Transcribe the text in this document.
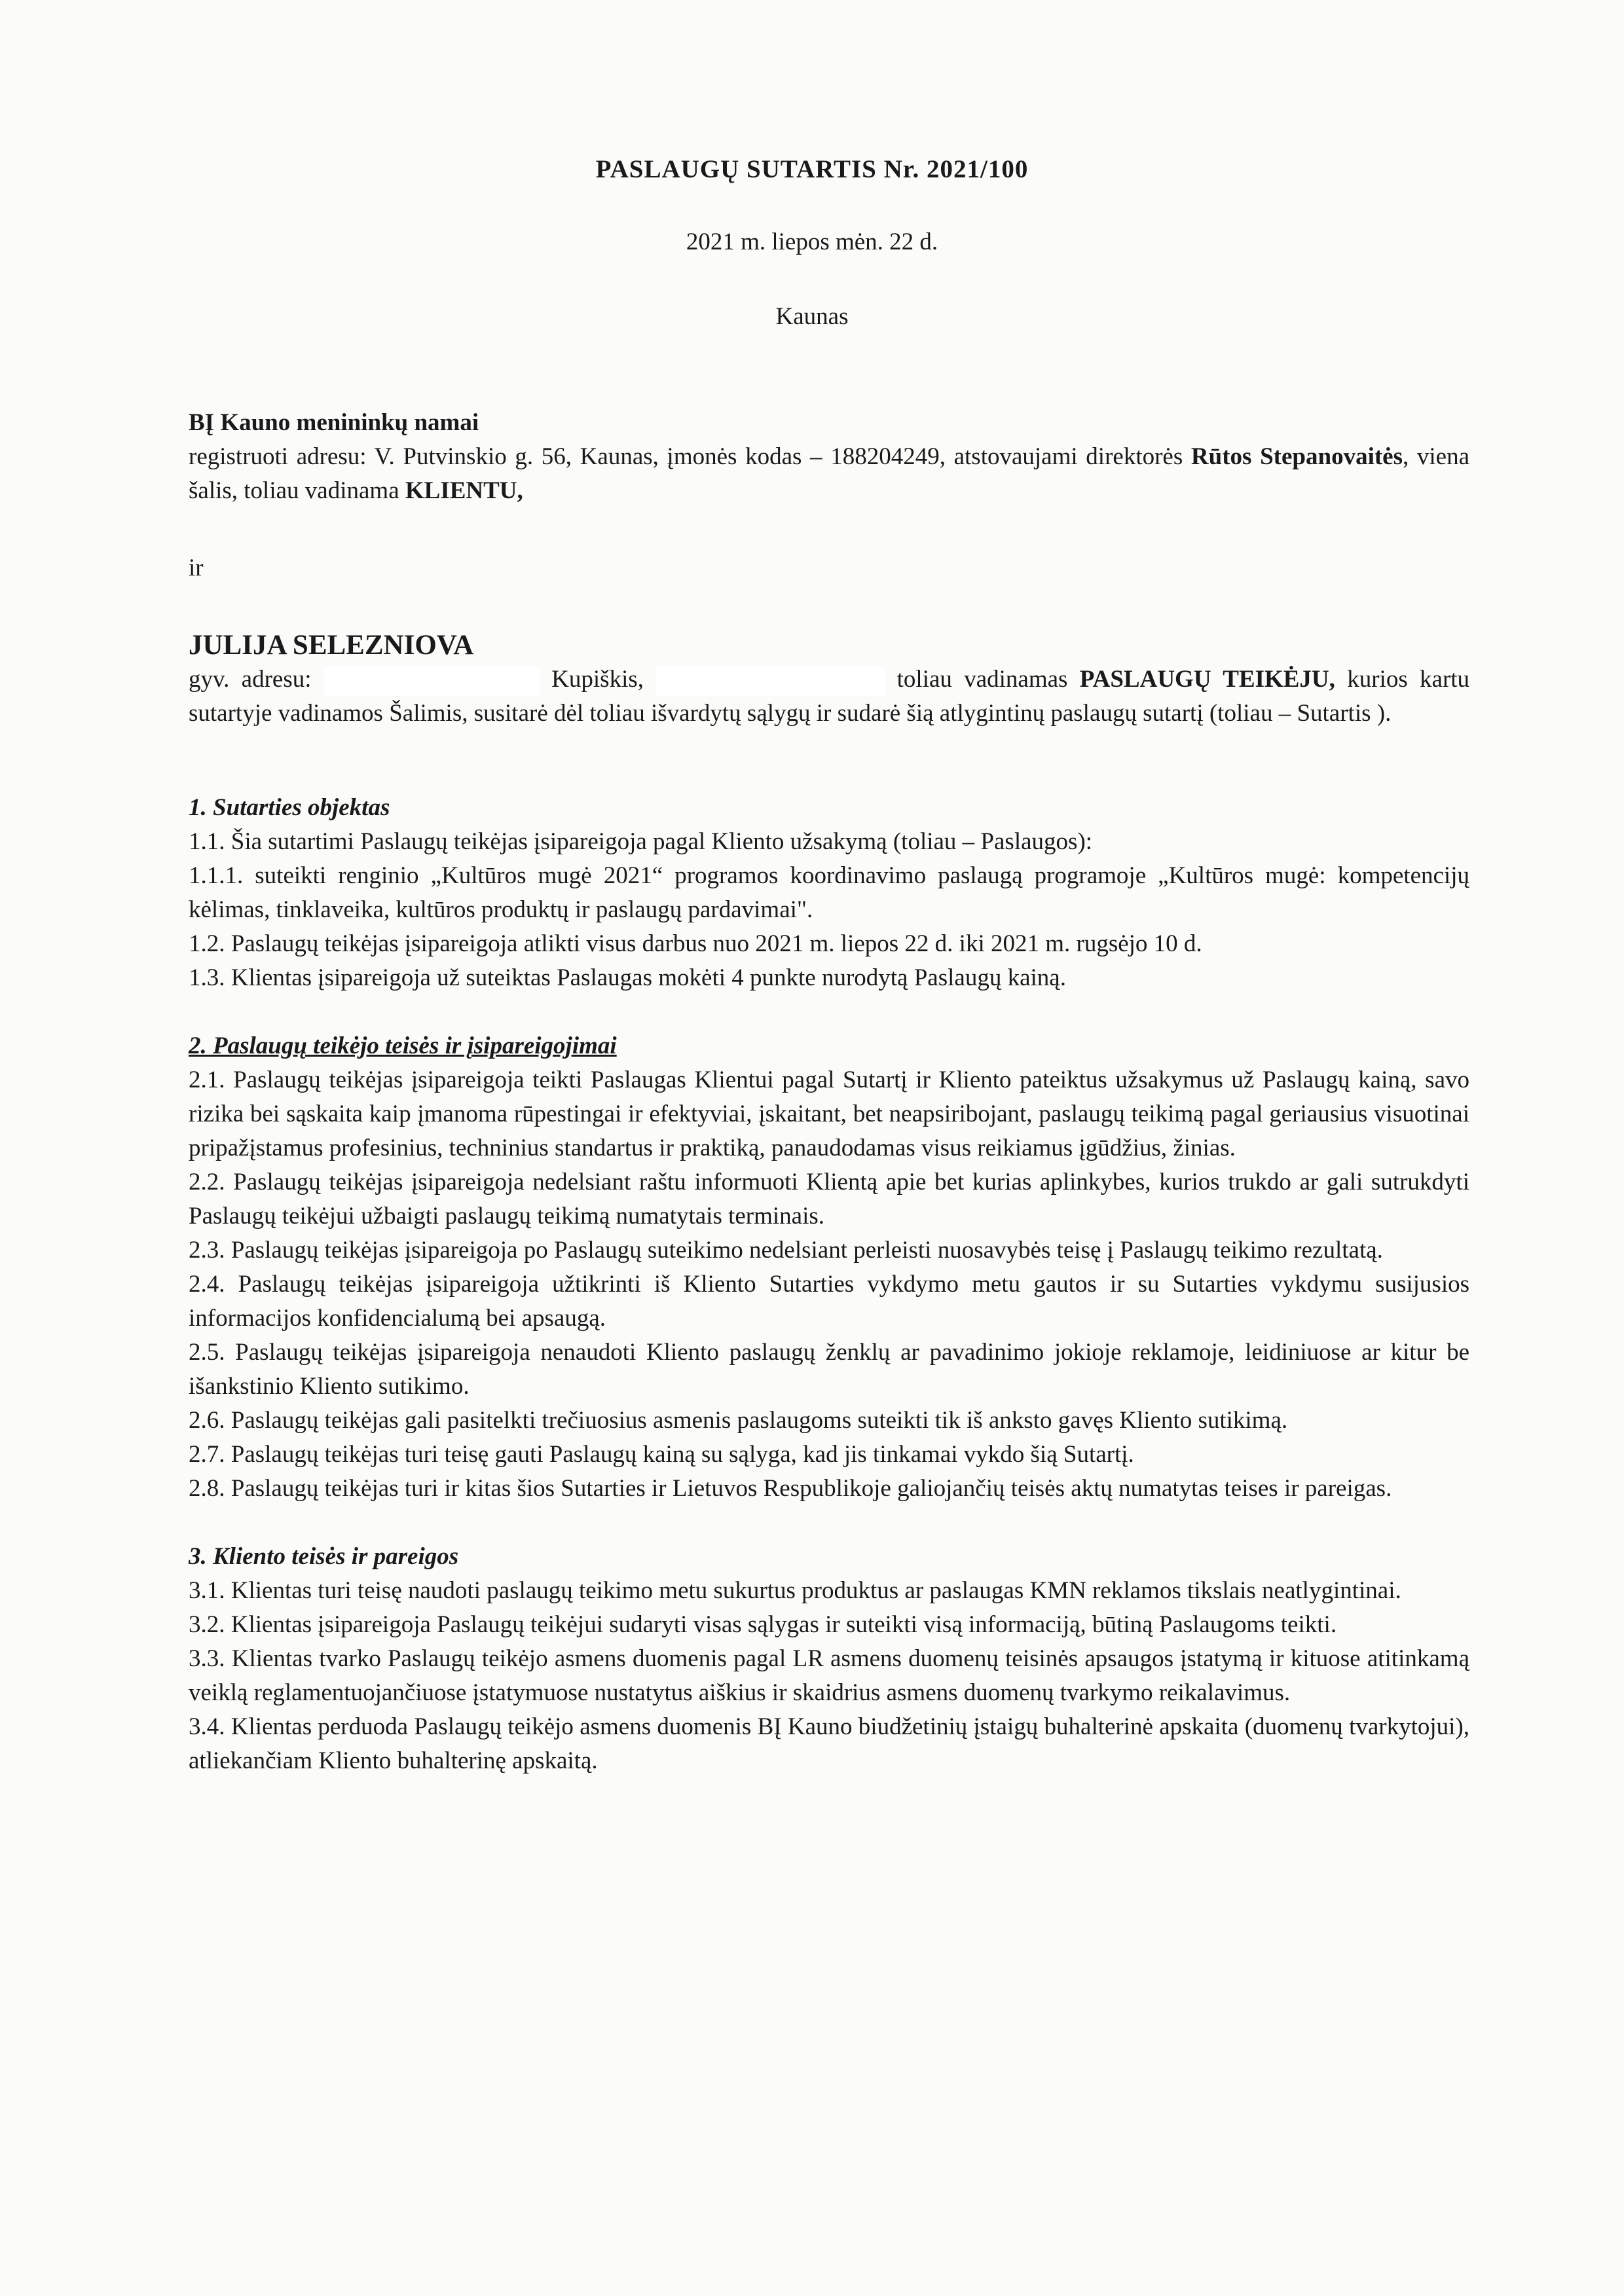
PASLAUGŲ SUTARTIS Nr. 2021/100
2021 m. liepos mėn. 22 d.
Kaunas
BĮ Kauno menininkų namai
registruoti adresu: V. Putvinskio g. 56, Kaunas, įmonės kodas – 188204249, atstovaujami direktorės Rūtos Stepanovaitės, viena šalis, toliau vadinama KLIENTU,
ir
JULIJA SELEZNIOVA
gyv. adresu:	Kupiškis,	toliau vadinamas PASLAUGŲ TEIKĖJU, kurios kartu sutartyje vadinamos Šalimis, susitarė dėl toliau išvardytų sąlygų ir sudarė šią atlygintinų paslaugų sutartį (toliau – Sutartis ).
1. Sutarties objektas

1.1. Šia sutartimi Paslaugų teikėjas įsipareigoja pagal Kliento užsakymą (toliau – Paslaugos):

1.1.1. suteikti renginio „Kultūros mugė 2021“ programos koordinavimo paslaugą programoje „Kultūros mugė: kompetencijų kėlimas, tinklaveika, kultūros produktų ir paslaugų pardavimai".

1.2. Paslaugų teikėjas įsipareigoja atlikti visus darbus nuo 2021 m. liepos 22 d. iki 2021 m. rugsėjo 10 d.

1.3. Klientas įsipareigoja už suteiktas Paslaugas mokėti 4 punkte nurodytą Paslaugų kainą.

2. Paslaugų teikėjo teisės ir įsipareigojimai

2.1. Paslaugų teikėjas įsipareigoja teikti Paslaugas Klientui pagal Sutartį ir Kliento pateiktus užsakymus už Paslaugų kainą, savo rizika bei sąskaita kaip įmanoma rūpestingai ir efektyviai, įskaitant, bet neapsiribojant, paslaugų teikimą pagal geriausius visuotinai pripažįstamus profesinius, techninius standartus ir praktiką, panaudodamas visus reikiamus įgūdžius, žinias.

2.2. Paslaugų teikėjas įsipareigoja nedelsiant raštu informuoti Klientą apie bet kurias aplinkybes, kurios trukdo ar gali sutrukdyti Paslaugų teikėjui užbaigti paslaugų teikimą numatytais terminais.

2.3. Paslaugų teikėjas įsipareigoja po Paslaugų suteikimo nedelsiant perleisti nuosavybės teisę į Paslaugų teikimo rezultatą.

2.4. Paslaugų teikėjas įsipareigoja užtikrinti iš Kliento Sutarties vykdymo metu gautos ir su Sutarties vykdymu susijusios informacijos konfidencialumą bei apsaugą.

2.5. Paslaugų teikėjas įsipareigoja nenaudoti Kliento paslaugų ženklų ar pavadinimo jokioje reklamoje, leidiniuose ar kitur be išankstinio Kliento sutikimo.

2.6. Paslaugų teikėjas gali pasitelkti trečiuosius asmenis paslaugoms suteikti tik iš anksto gavęs Kliento sutikimą.

2.7. Paslaugų teikėjas turi teisę gauti Paslaugų kainą su sąlyga, kad jis tinkamai vykdo šią Sutartį.

2.8. Paslaugų teikėjas turi ir kitas šios Sutarties ir Lietuvos Respublikoje galiojančių teisės aktų numatytas teises ir pareigas.

3. Kliento teisės ir pareigos

3.1. Klientas turi teisę naudoti paslaugų teikimo metu sukurtus produktus ar paslaugas KMN reklamos tikslais neatlygintinai.

3.2. Klientas įsipareigoja Paslaugų teikėjui sudaryti visas sąlygas ir suteikti visą informaciją, būtiną Paslaugoms teikti.

3.3. Klientas tvarko Paslaugų teikėjo asmens duomenis pagal LR asmens duomenų teisinės apsaugos įstatymą ir kituose atitinkamą veiklą reglamentuojančiuose įstatymuose nustatytus aiškius ir skaidrius asmens duomenų tvarkymo reikalavimus.

3.4. Klientas perduoda Paslaugų teikėjo asmens duomenis BĮ Kauno biudžetinių įstaigų buhalterinė apskaita (duomenų tvarkytojui), atliekančiam Kliento buhalterinę apskaitą.
